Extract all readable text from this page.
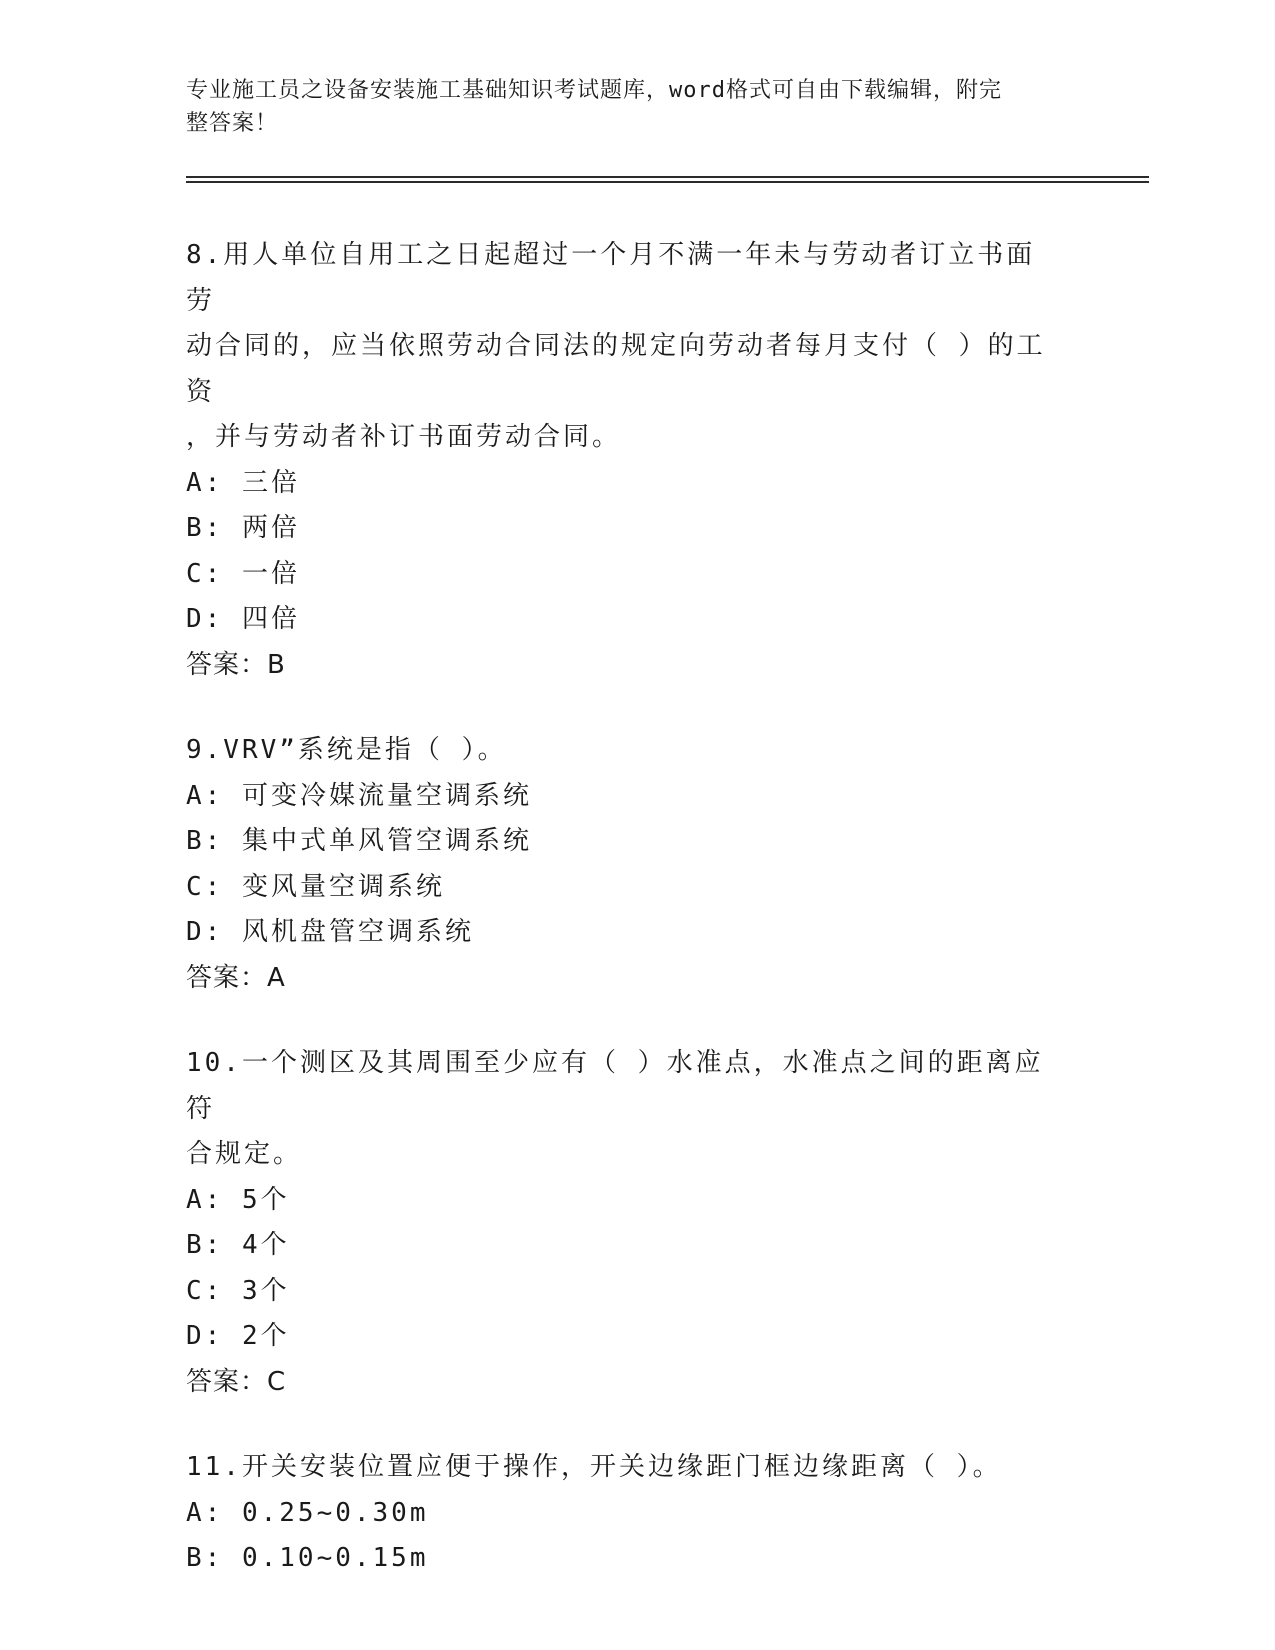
专业施工员之设备安装施工基础知识考试题库，word格式可自由下载编辑，附完
整答案！
8.用人单位自用工之日起超过一个月不满一年未与劳动者订立书面劳
动合同的，应当依照劳动合同法的规定向劳动者每月支付（ ）的工资
，并与劳动者补订书面劳动合同。
A: 三倍
B: 两倍
C: 一倍
D: 四倍
答案：B
9.VRV”系统是指（ ）。
A: 可变冷媒流量空调系统
B: 集中式单风管空调系统
C: 变风量空调系统
D: 风机盘管空调系统
答案：A
10.一个测区及其周围至少应有（ ）水准点，水准点之间的距离应符
合规定。
A: 5个
B: 4个
C: 3个
D: 2个
答案：C
11.开关安装位置应便于操作，开关边缘距门框边缘距离（ ）。
A: 0.25~0.30m
B: 0.10~0.15m
